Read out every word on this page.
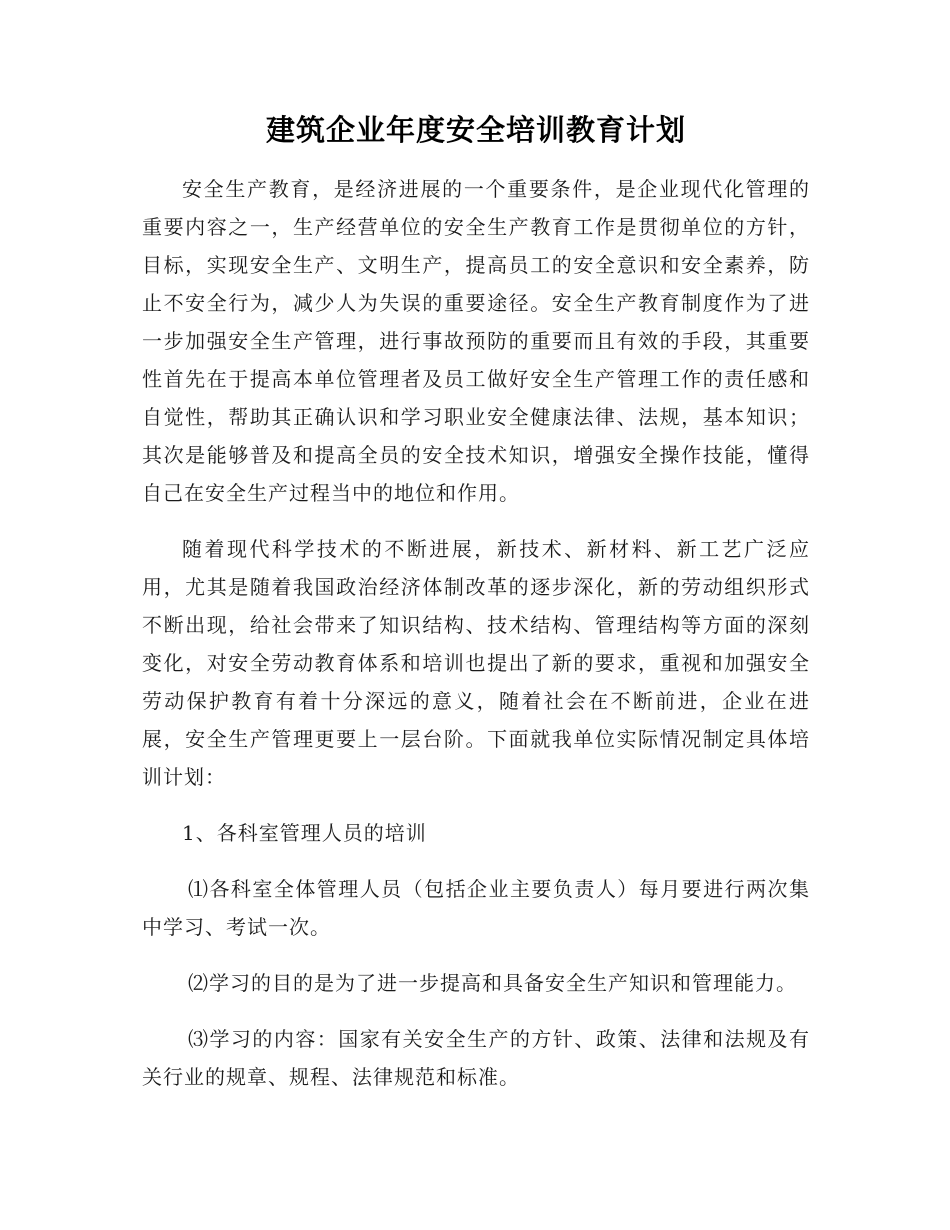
建筑企业年度安全培训教育计划

安全生产教育，是经济进展的一个重要条件，是企业现代化管理的重要内容之一，生产经营单位的安全生产教育工作是贯彻单位的方针，目标，实现安全生产、文明生产，提高员工的安全意识和安全素养，防止不安全行为，减少人为失误的重要途径。安全生产教育制度作为了进一步加强安全生产管理，进行事故预防的重要而且有效的手段，其重要性首先在于提高本单位管理者及员工做好安全生产管理工作的责任感和自觉性，帮助其正确认识和学习职业安全健康法律、法规，基本知识；其次是能够普及和提高全员的安全技术知识，增强安全操作技能，懂得自己在安全生产过程当中的地位和作用。

随着现代科学技术的不断进展，新技术、新材料、新工艺广泛应用，尤其是随着我国政治经济体制改革的逐步深化，新的劳动组织形式不断出现，给社会带来了知识结构、技术结构、管理结构等方面的深刻变化，对安全劳动教育体系和培训也提出了新的要求，重视和加强安全劳动保护教育有着十分深远的意义，随着社会在不断前进，企业在进展，安全生产管理更要上一层台阶。下面就我单位实际情况制定具体培训计划：

1、各科室管理人员的培训

⑴各科室全体管理人员（包括企业主要负责人）每月要进行两次集中学习、考试一次。

⑵学习的目的是为了进一步提高和具备安全生产知识和管理能力。

⑶学习的内容：国家有关安全生产的方针、政策、法律和法规及有关行业的规章、规程、法律规范和标准。
